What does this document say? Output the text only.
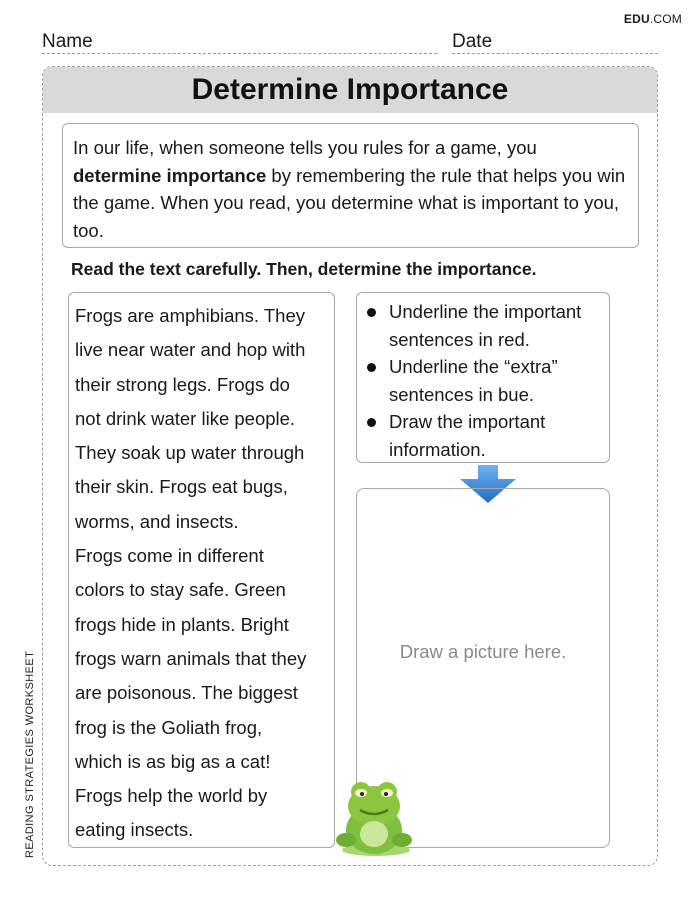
EDU.COM
Name	Date
READING STRATEGIES WORKSHEET
Determine Importance
In our life, when someone tells you rules for a game, you determine importance by remembering the rule that helps you win the game. When you read, you determine what is important to you, too.
Read the text carefully. Then, determine the importance.

Frogs are amphibians. They

live near water and hop with

their strong legs. Frogs do

not drink water like people.

They soak up water through

their skin. Frogs eat bugs,

worms, and insects.

Frogs come in different

colors to stay safe. Green

frogs hide in plants. Bright

frogs warn animals that they

are poisonous. The biggest

frog is the Goliath frog,

which is as big as a cat!

Frogs help the world by

eating insects.

Underline the important
sentences in red.
Underline the “extra”
sentences in bue.
Draw the important
information.
Draw a picture here.
